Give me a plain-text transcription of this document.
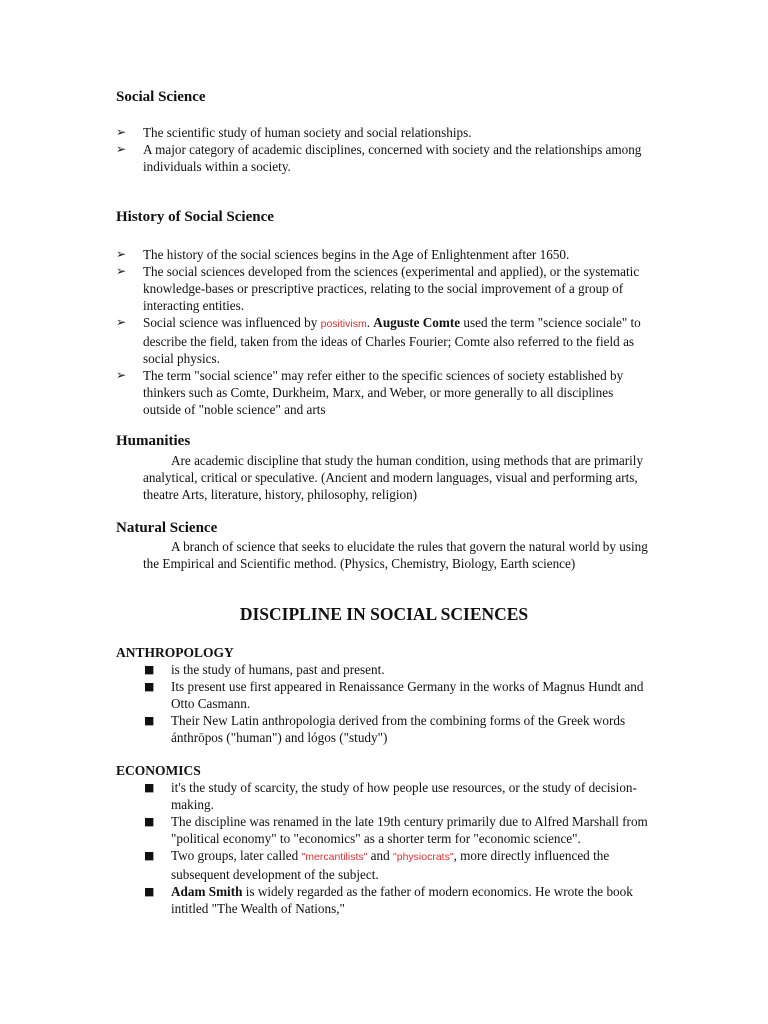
Social Science
➢ The scientific study of human society and social relationships.
➢ A major category of academic disciplines, concerned with society and the relationships among individuals within a society.
History of Social Science
➢ The history of the social sciences begins in the Age of Enlightenment after 1650.
➢ The social sciences developed from the sciences (experimental and applied), or the systematic knowledge-bases or prescriptive practices, relating to the social improvement of a group of interacting entities.
➢ Social science was influenced by positivism. Auguste Comte used the term "science sociale" to describe the field, taken from the ideas of Charles Fourier; Comte also referred to the field as social physics.
➢ The term "social science" may refer either to the specific sciences of society established by thinkers such as Comte, Durkheim, Marx, and Weber, or more generally to all disciplines outside of "noble science" and arts
Humanities
Are academic discipline that study the human condition, using methods that are primarily analytical, critical or speculative. (Ancient and modern languages, visual and performing arts, theatre Arts, literature, history, philosophy, religion)
Natural Science
A branch of science that seeks to elucidate the rules that govern the natural world by using the Empirical and Scientific method. (Physics, Chemistry, Biology, Earth science)
DISCIPLINE IN SOCIAL SCIENCES
ANTHROPOLOGY
■ is the study of humans, past and present.
■ Its present use first appeared in Renaissance Germany in the works of Magnus Hundt and Otto Casmann.
■ Their New Latin anthropologia derived from the combining forms of the Greek words ánthrōpos ("human") and lógos ("study")
ECONOMICS
■ it's the study of scarcity, the study of how people use resources, or the study of decision-making.
■ The discipline was renamed in the late 19th century primarily due to Alfred Marshall from "political economy" to "economics" as a shorter term for "economic science".
■ Two groups, later called "mercantilists" and "physiocrats", more directly influenced the subsequent development of the subject.
■ Adam Smith is widely regarded as the father of modern economics. He wrote the book intitled "The Wealth of Nations,"
